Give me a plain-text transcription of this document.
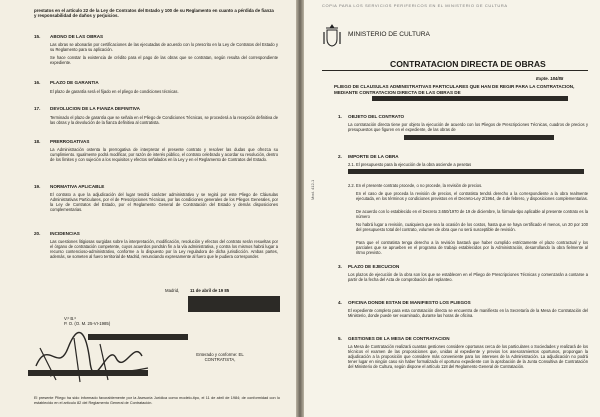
prestatos en el artículo 22 de la Ley de Contratos del Estado y 100 de su Reglamento en cuanto a pérdida de fianza y responsabilidad de daños y perjuicios.
15. ABONO DE LAS OBRAS
Las obras se abonarán por certificaciones de las ejecutadas de acuerdo con lo prescrito en la Ley de Contratos del Estado y su Reglamento para su aplicación.
Se hace constar la existencia de crédito para el pago de las obras que se contratan, según resulta del correspondiente expediente.
16. PLAZO DE GARANTIA
El plazo de garantía será el fijado en el pliego de condiciones técnicas.
17. DEVOLUCION DE LA FIANZA DEFINITIVA
Terminado el plazo de garantía que se señala en el Pliego de Condiciones Técnicas, se procederá a la recepción definitiva de las obras y la devolución de la fianza definitiva al contratista.
18. PRERROGATIVAS
La Administración ostenta la prerrogativa de interpretar el presente contrato y resolver las dudas que ofrezca su cumplimiento. Igualmente podrá modificar, por razón de interés público, el contrato celebrado y acordar su resolución, dentro de los límites y con sujeción a los requisitos y efectos señalados en la Ley y en el Reglamento de Contratos del Estado.
19. NORMATIVA APLICABLE
El contrato a que la adjudicación del lugar tendrá carácter administrativo y se regirá por este Pliego de Cláusulas Administrativas Particulares, por el de Prescripciones Técnicas, por las condiciones generales de los Pliegos Generales, por la Ley de Contratos del Estado, por el Reglamento General de Contratación del Estado y demás disposiciones complementarias.
20. INCIDENCIAS
Las cuestiones litigiosas surgidas sobre la interpretación, modificación, resolución y efectos del contrato serán resueltas por el órgano de contratación competente, cuyos acuerdos pondrán fin a la vía administrativa, y contra los mismos habrá lugar a recurso contencioso-administrativo, conforme a lo dispuesto por la Ley reguladora de dicha jurisdicción. Ambas partes, además, se someten al fuero territorial de Madrid, renunciando expresamente al fuero que le pudiera corresponder.
Madrid, 11 de abril de 19 85
V.º B.º
P. O. (O. M. 25-VI-1985)
Enterado y conforme: EL CONTRATISTA,
El presente Pliego ha sido informado favorablemente por la Asesoría Jurídica como modelo-tipo, el 11 de abril de 1984; de conformidad con lo establecido en el artículo 82 del Reglamento General de Contratación.
COPIA PARA LOS SERVICIOS PERIFERICOS EN EL MINISTERIO DE CULTURA
MINISTERIO DE CULTURA
CONTRATACION DIRECTA DE OBRAS
Expte. 184/85
PLIEGO DE CLAUSULAS ADMINISTRATIVAS PARTICULARES QUE HAN DE REGIR PARA LA CONTRATACION, MEDIANTE CONTRATACION DIRECTA DE LAS OBRAS DE
1. OBJETO DEL CONTRATO
La contratación directa tiene por objeto la ejecución de acuerdo con los Pliegos de Prescripciones Técnicas, cuadros de precios y presupuestos que figuren en el expediente, de las obras de
2. IMPORTE DE LA OBRA
2.1. El presupuesto para la ejecución de la obra asciende a pesetas
2.2. En el presente contrato procede, o no procede, la revisión de precios.
En el caso de que proceda la revisión de precios, el contratista tendrá derecho a la correspondiente a la obra realmente ejecutada, en los términos y condiciones previstos en el Decreto-Ley 2/1964, de 4 de febrero, y disposiciones complementarias.
De acuerdo con lo establecido en el Decreto 3.650/1970 de 19 de diciembre, la fórmula-tipo aplicable al presente contrato es la número
No habrá lugar a revisión, cualquiera que sea la ocasión de los costos, hasta que se haya certificado el menos, un 20 por 100 del presupuesto total del contrato, volumen de obra que no será susceptible de revisión.
Para que el contratista tenga derecho a la revisión bastará que haber cumplido estrictamente el plazo contractual y los parciales que se aprueben en el programa de trabajo establecidos por la Administración, desarrollando la obra fielmente al ritmo previsto.
3. PLAZO DE EJECUCION
Los plazos de ejecución de la obra son los que se establecen en el Pliego de Prescripciones Técnicas y comenzarán a contarse a partir de la fecha del Acta de comprobación del replanteo.
4. OFICINA DONDE ESTAN DE MANIFIESTO LOS PLIEGOS
El expediente completo para esta contratación directa se encuentra de manifiesto en la Secretaría de la Mesa de Contratación del Ministerio, donde puede ser examinado, durante las horas de oficina.
5. GESTIONES DE LA MESA DE CONTRATACION
La Mesa de Contratación realizará cuantas gestiones considere oportunas cerca de los particulares o Sociedades y realizará de los técnicos el examen de las proposiciones que, unidas al expediente y previos los asesoramientos oportunos, propongan la adjudicación a la proposición que considere más conveniente para los intereses de la Administración. La adjudicación no podrá tener lugar en ningún caso sin haber formalizado el oportuno expediente con la aprobación de la Junta Consultiva de Contratación del Ministerio de Cultura, según dispone el artículo 118 del Reglamento General de Contratación.
Mod. 412-1
